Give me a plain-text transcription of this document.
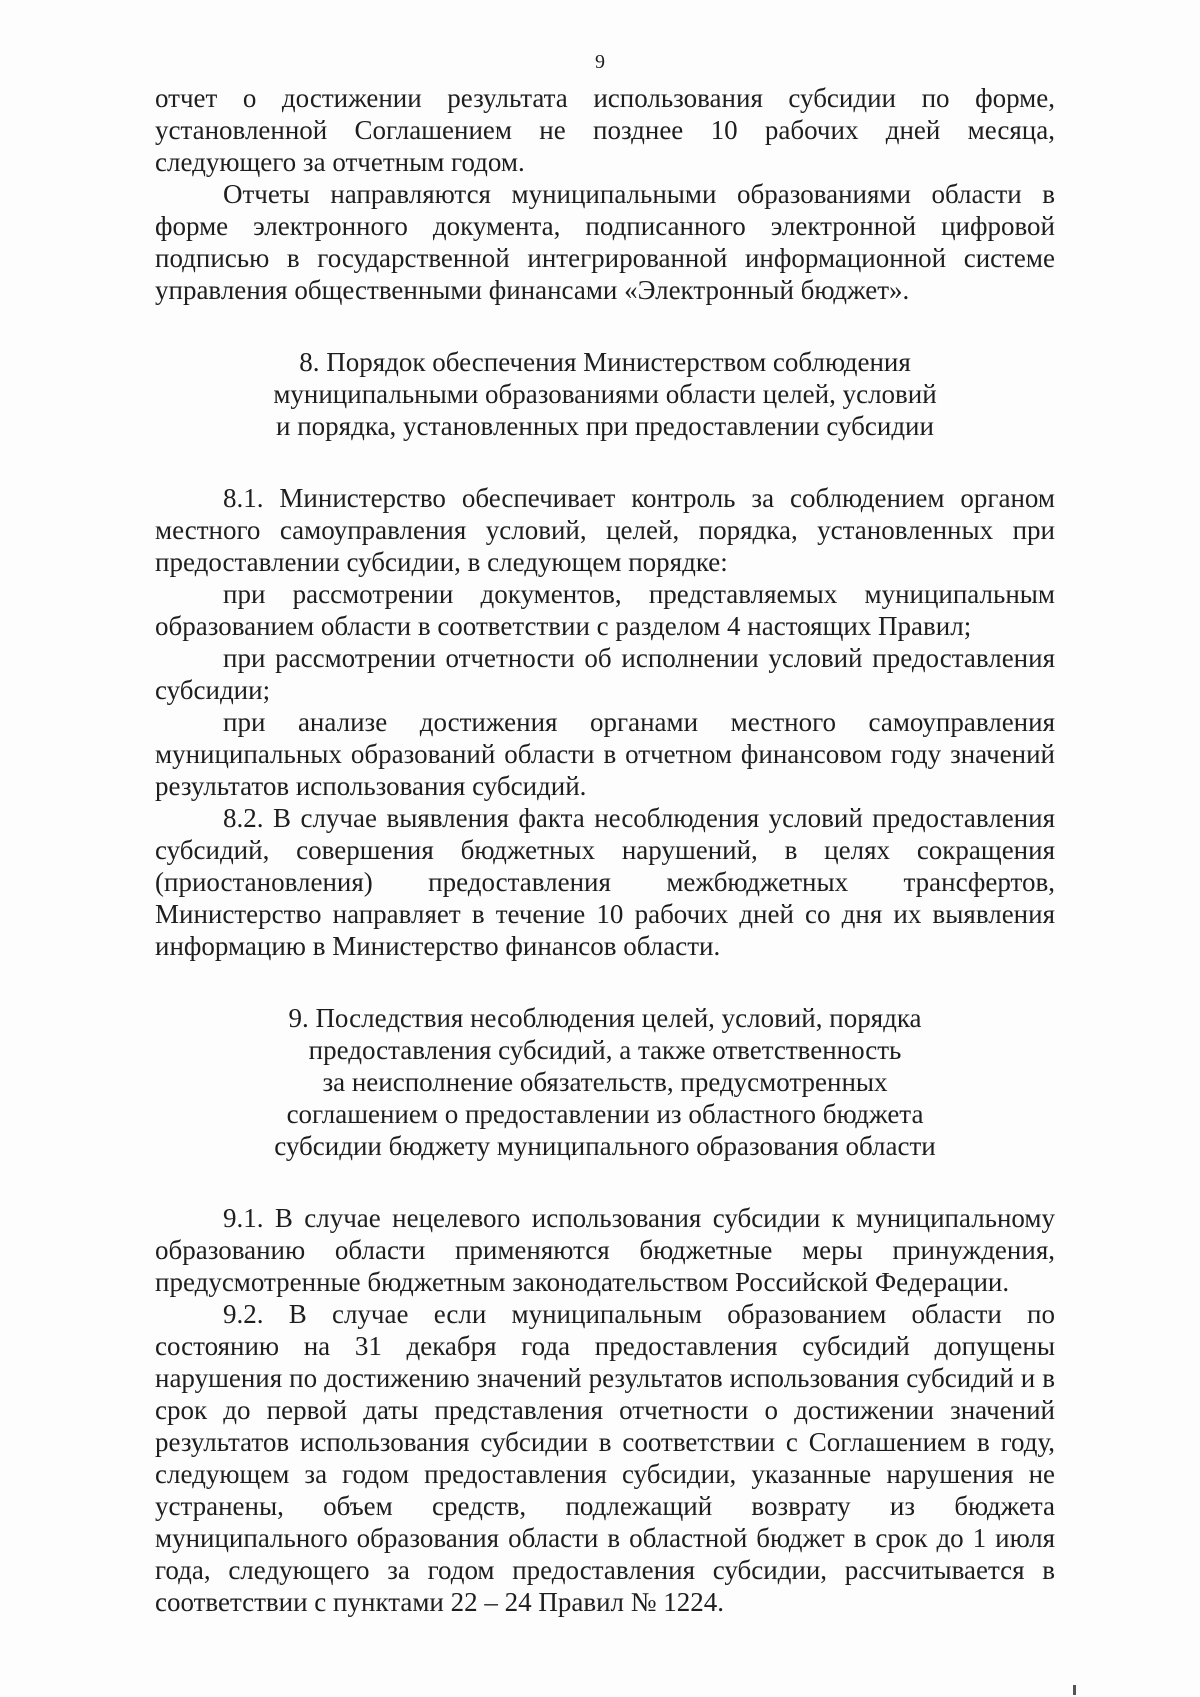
9

отчет о достижении результата использования субсидии по форме, установленной Соглашением не позднее 10 рабочих дней месяца, следующего за отчетным годом.

Отчеты направляются муниципальными образованиями области в форме электронного документа, подписанного электронной цифровой подписью в государственной интегрированной информационной системе управления общественными финансами «Электронный бюджет».

8. Порядок обеспечения Министерством соблюдения
муниципальными образованиями области целей, условий
и порядка, установленных при предоставлении субсидии

8.1. Министерство обеспечивает контроль за соблюдением органом местного самоуправления условий, целей, порядка, установленных при предоставлении субсидии, в следующем порядке:

при рассмотрении документов, представляемых муниципальным образованием области в соответствии с разделом 4 настоящих Правил;

при рассмотрении отчетности об исполнении условий предоставления субсидии;

при анализе достижения органами местного самоуправления муниципальных образований области в отчетном финансовом году значений результатов использования субсидий.

8.2. В случае выявления факта несоблюдения условий предоставления субсидий, совершения бюджетных нарушений, в целях сокращения (приостановления) предоставления межбюджетных трансфертов, Министерство направляет в течение 10 рабочих дней со дня их выявления информацию в Министерство финансов области.

9. Последствия несоблюдения целей, условий, порядка
предоставления субсидий, а также ответственность
за неисполнение обязательств, предусмотренных
соглашением о предоставлении из областного бюджета
субсидии бюджету муниципального образования области

9.1. В случае нецелевого использования субсидии к муниципальному образованию области применяются бюджетные меры принуждения, предусмотренные бюджетным законодательством Российской Федерации.

9.2. В случае если муниципальным образованием области по состоянию на 31 декабря года предоставления субсидий допущены нарушения по достижению значений результатов использования субсидий и в срок до первой даты представления отчетности о достижении значений результатов использования субсидии в соответствии с Соглашением в году, следующем за годом предоставления субсидии, указанные нарушения не устранены, объем средств, подлежащий возврату из бюджета муниципального образования области в областной бюджет в срок до 1 июля года, следующего за годом предоставления субсидии, рассчитывается в соответствии с пунктами 22 – 24 Правил № 1224.
